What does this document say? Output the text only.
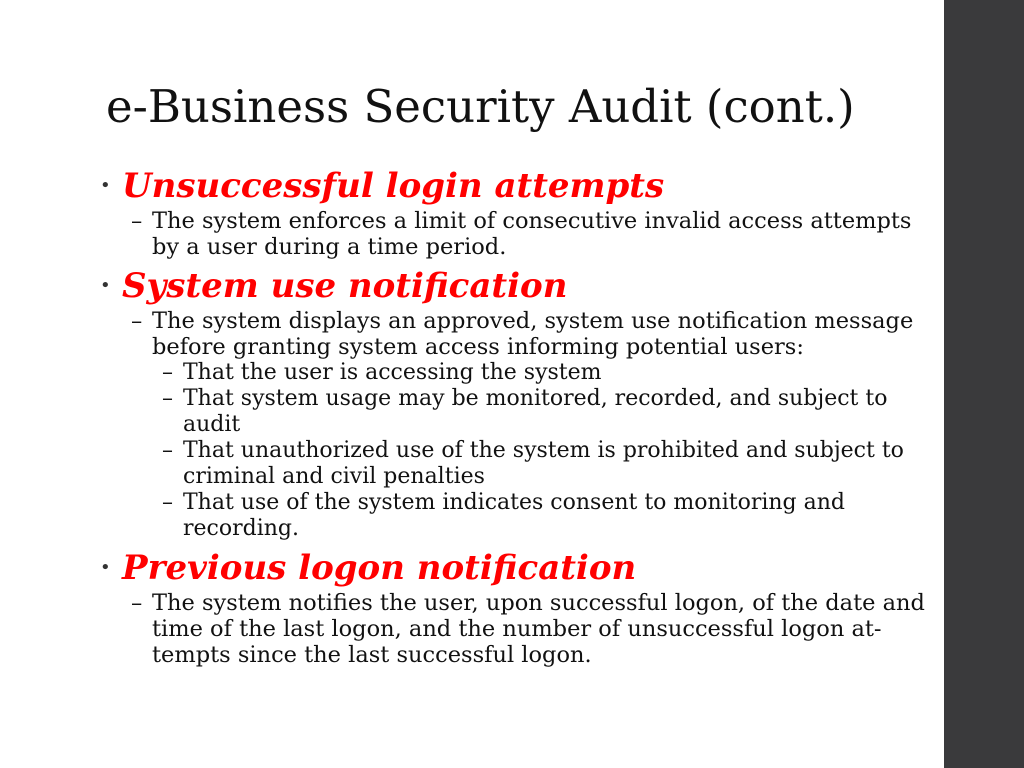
e-Business Security Audit (cont.)
• Unsuccessful login attempts
– The system enforces a limit of consecutive invalid access attempts by a user during a time period.
• System use notification
– The system displays an approved, system use notification message before granting system access informing potential users:
– That the user is accessing the system
– That system usage may be monitored, recorded, and subject to audit
– That unauthorized use of the system is prohibited and subject to criminal and civil penalties
– That use of the system indicates consent to monitoring and recording.
• Previous logon notification
– The system notifies the user, upon successful logon, of the date and time of the last logon, and the number of unsuccessful logon at-tempts since the last successful logon.
